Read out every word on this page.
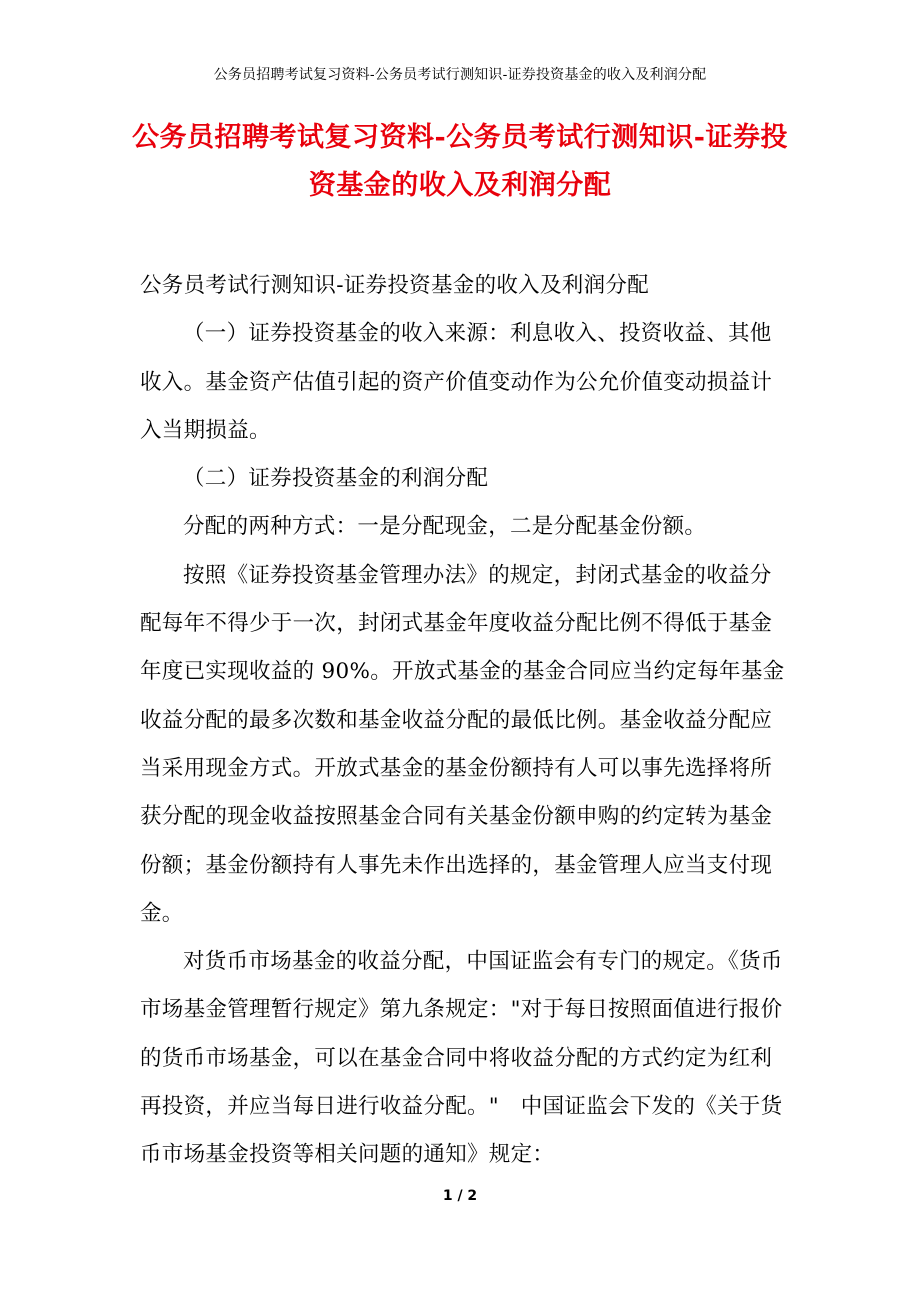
公务员招聘考试复习资料-公务员考试行测知识-证券投资基金的收入及利润分配
公务员招聘考试复习资料-公务员考试行测知识-证券投资基金的收入及利润分配

公务员考试行测知识-证券投资基金的收入及利润分配

（一）证券投资基金的收入来源：利息收入、投资收益、其他收入。基金资产估值引起的资产价值变动作为公允价值变动损益计入当期损益。

（二）证券投资基金的利润分配

分配的两种方式：一是分配现金，二是分配基金份额。

按照《证券投资基金管理办法》的规定，封闭式基金的收益分配每年不得少于一次，封闭式基金年度收益分配比例不得低于基金年度已实现收益的 90%。开放式基金的基金合同应当约定每年基金收益分配的最多次数和基金收益分配的最低比例。基金收益分配应当采用现金方式。开放式基金的基金份额持有人可以事先选择将所获分配的现金收益按照基金合同有关基金份额申购的约定转为基金份额；基金份额持有人事先未作出选择的，基金管理人应当支付现金。

对货币市场基金的收益分配，中国证监会有专门的规定。《货币市场基金管理暂行规定》第九条规定："对于每日按照面值进行报价的货币市场基金，可以在基金合同中将收益分配的方式约定为红利再投资，并应当每日进行收益分配。"　中国证监会下发的《关于货币市场基金投资等相关问题的通知》规定：

1 / 2
